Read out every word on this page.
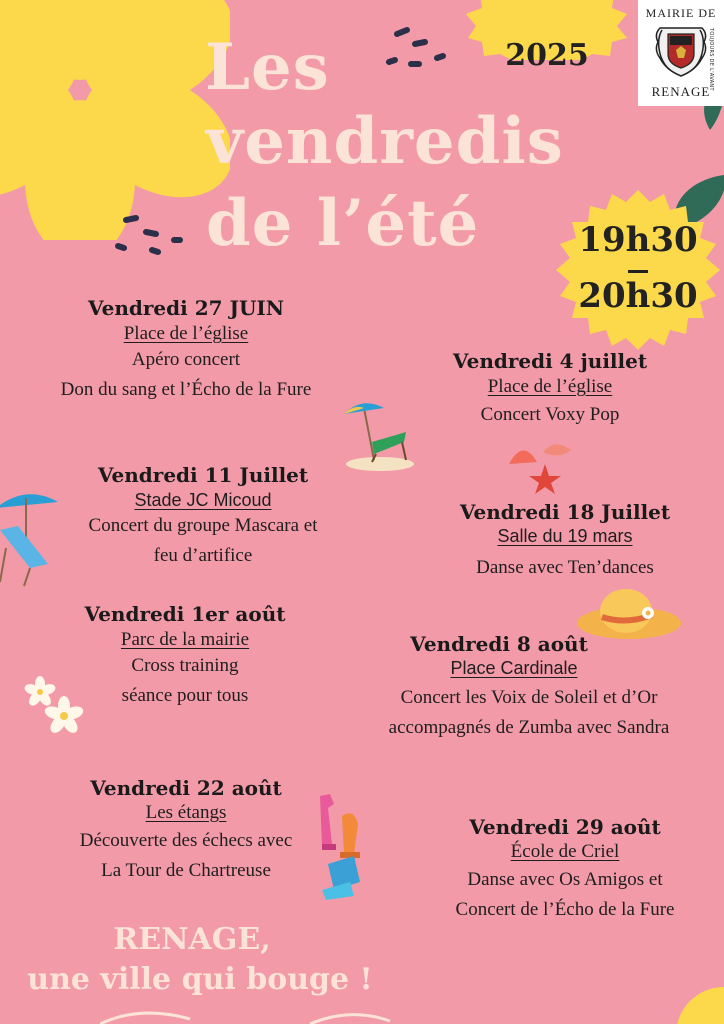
2025
MAIRIE DE
TOUJOURS DE L'AVANT
RENAGE
Les
vendredis
de l’été	19h30
20h30
Vendredi 27 JUIN
Place de l’église
Apéro concert
Don du sang et l’Écho de la Fure
Vendredi 4 juillet
Place de l’église
Concert Voxy Pop
Vendredi 11 Juillet
Stade JC Micoud
Concert du groupe Mascara et
feu d’artifice
Vendredi 18 Juillet
Salle du 19 mars
Danse avec Ten’dances
Vendredi 1er août
Parc de la mairie
Cross training
séance pour tous
Vendredi 8 août
Place Cardinale
Concert les Voix de Soleil et d’Or
accompagnés de Zumba avec Sandra
Vendredi 22 août
Les étangs
Découverte des échecs avec
La Tour de Chartreuse
Vendredi 29 août
École de Criel
Danse avec Os Amigos et
Concert de l’Écho de la Fure
RENAGE,
une ville qui bouge !
